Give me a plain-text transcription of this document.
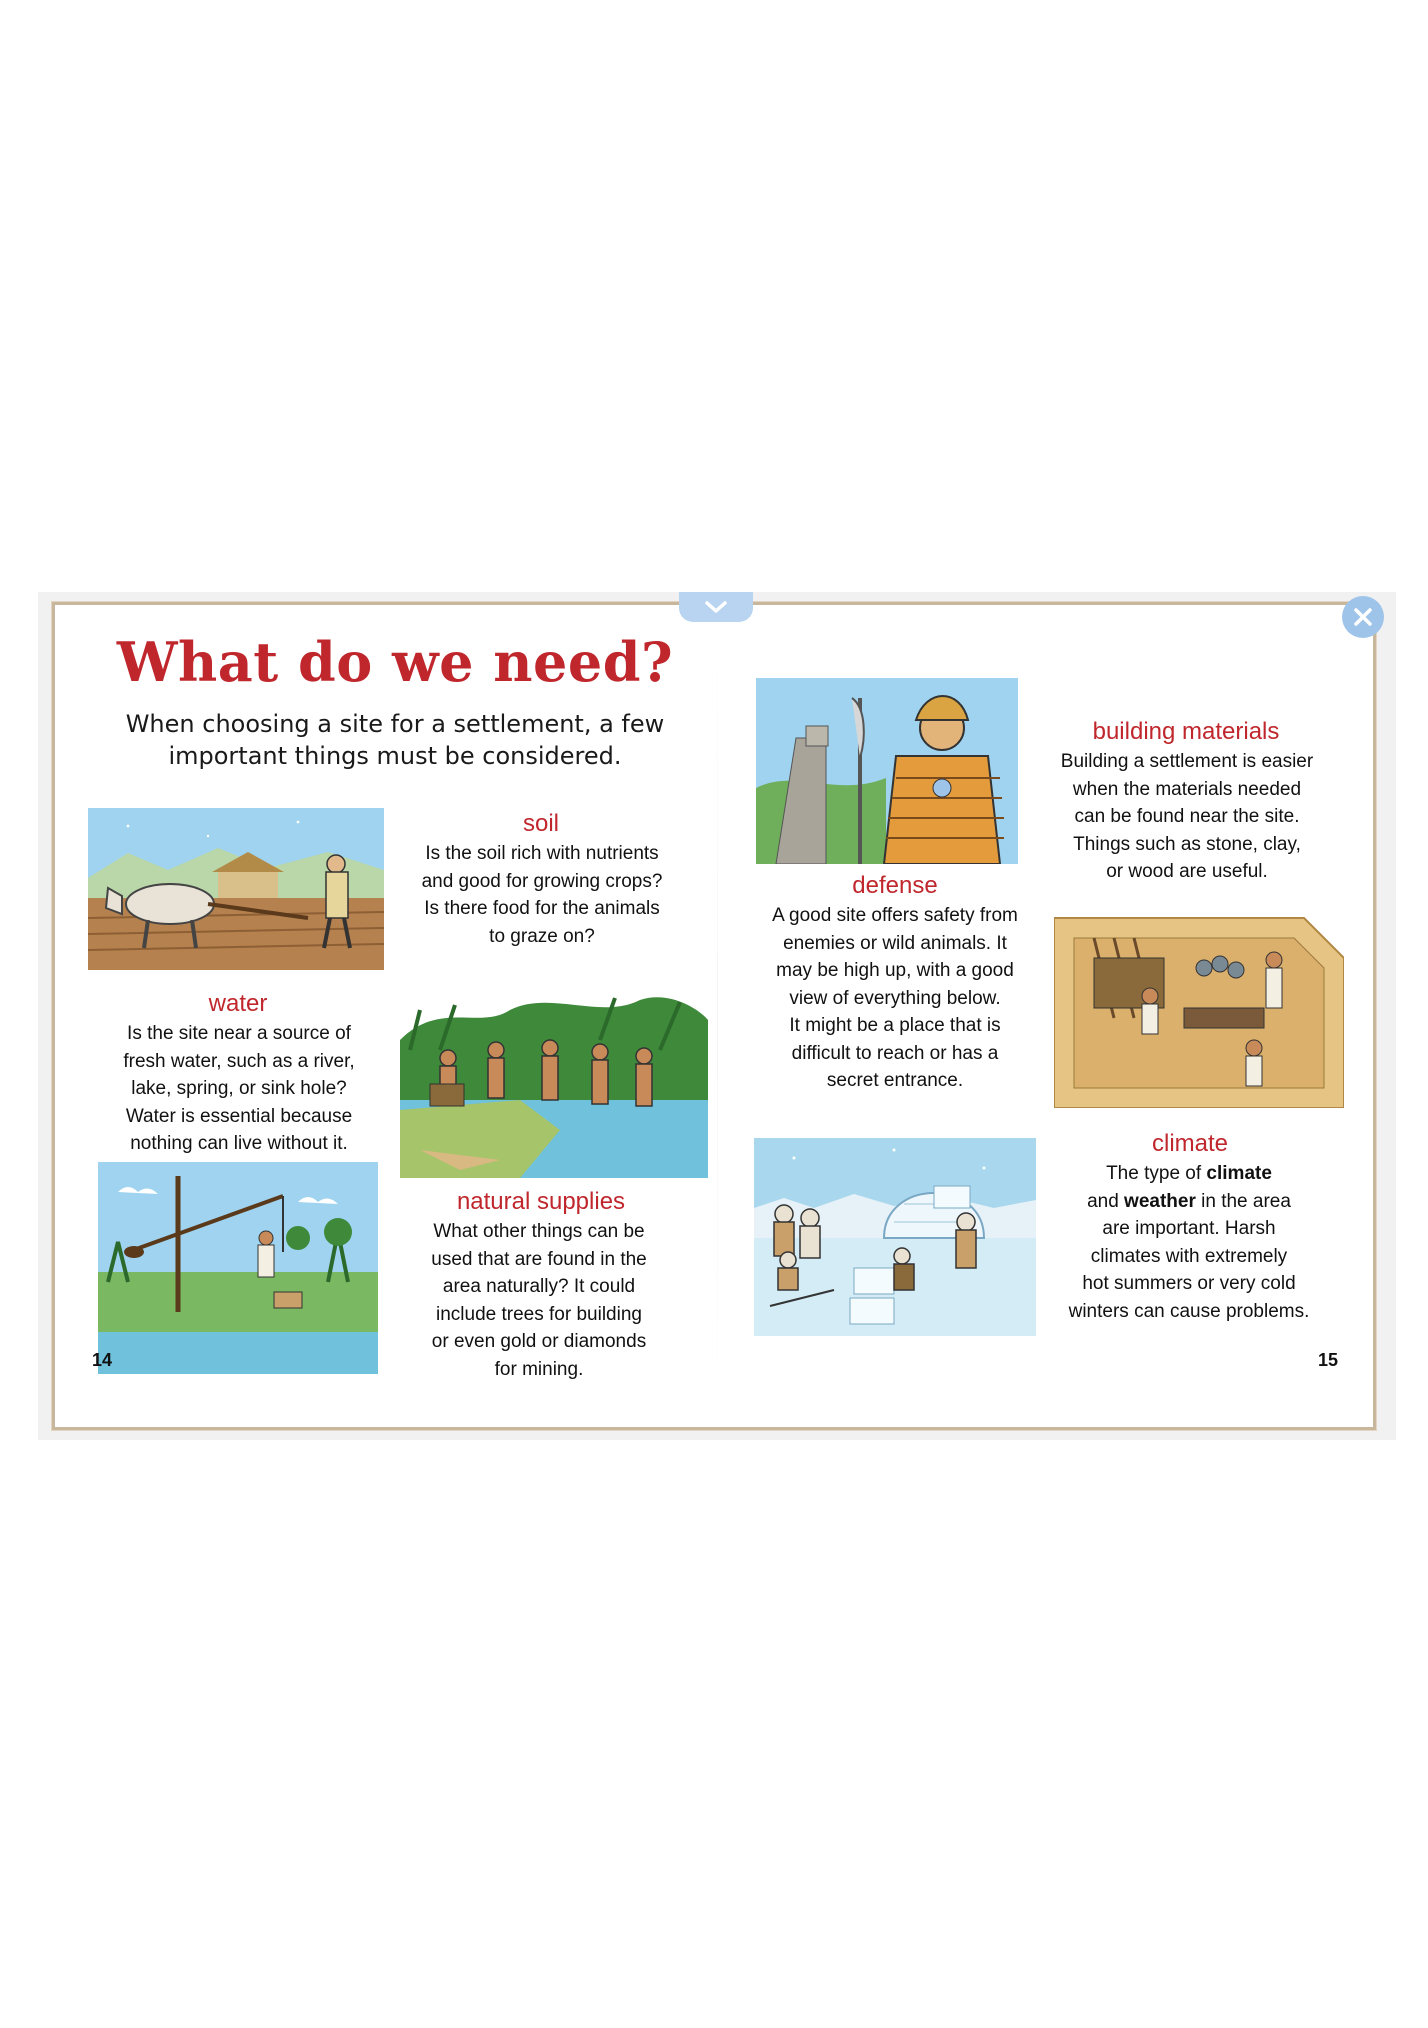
What do we need?
When choosing a site for a settlement, a few important things must be considered.
soil
Is the soil rich with nutrients
and good for growing crops?
Is there food for the animals
to graze on?
water
Is the site near a source of
fresh water, such as a river,
lake, spring, or sink hole?
Water is essential because
nothing can live without it.
natural supplies
What other things can be
used that are found in the
area naturally? It could
include trees for building
or even gold or diamonds
for mining.
14
defense
A good site offers safety from
enemies or wild animals. It
may be high up, with a good
view of everything below.
It might be a place that is
difficult to reach or has a
secret entrance.
building materials
Building a settlement is easier
when the materials needed
can be found near the site.
Things such as stone, clay,
or wood are useful.
climate
The type of climate
and weather in the area
are important. Harsh
climates with extremely
hot summers or very cold
winters can cause problems.
15
